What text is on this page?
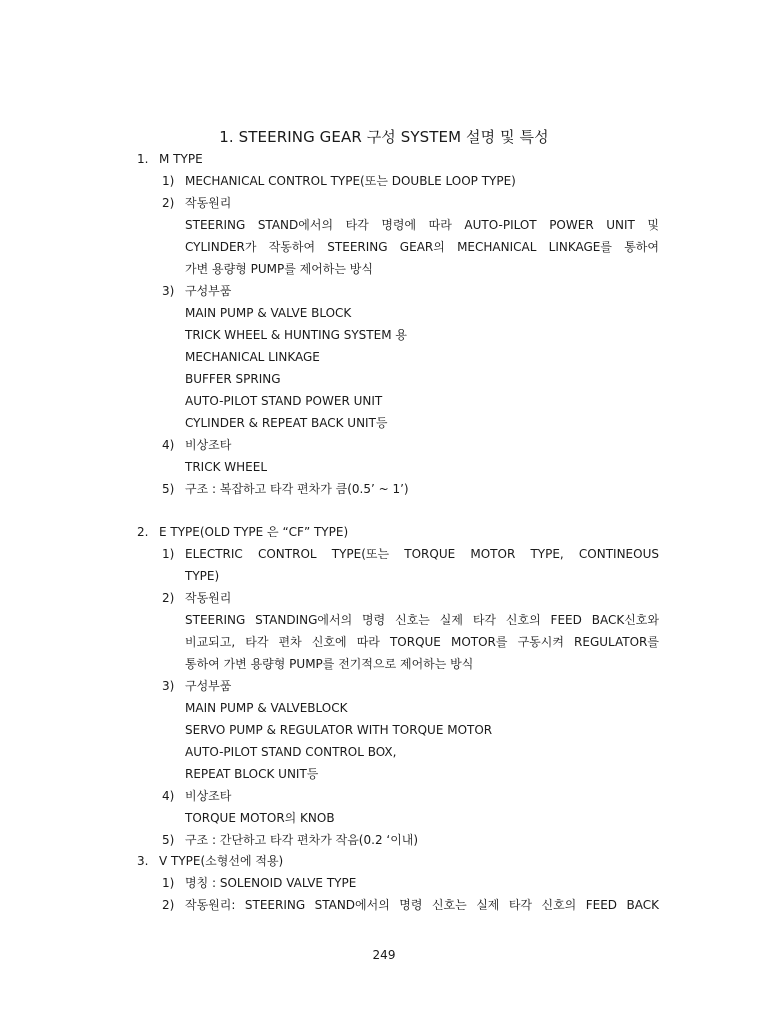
1. STEERING GEAR 구성 SYSTEM 설명 및 특성
1. M TYPE
1) MECHANICAL CONTROL TYPE(또는 DOUBLE LOOP TYPE)
2) 작동원리
STEERING STAND에서의 타각 명령에 따라 AUTO-PILOT POWER UNIT 및
CYLINDER가 작동하여 STEERING GEAR의 MECHANICAL LINKAGE를 통하여
가변 용량형 PUMP를 제어하는 방식
3) 구성부품
MAIN PUMP & VALVE BLOCK
TRICK WHEEL & HUNTING SYSTEM 용
MECHANICAL LINKAGE
BUFFER SPRING
AUTO-PILOT STAND POWER UNIT
CYLINDER & REPEAT BACK UNIT등
4) 비상조타
TRICK WHEEL
5) 구조 : 복잡하고 타각 편차가 큼(0.5’ ~ 1’)
2. E TYPE(OLD TYPE 은 “CF” TYPE)
1) ELECTRIC CONTROL TYPE(또는 TORQUE MOTOR TYPE, CONTINEOUS
TYPE)
2) 작동원리
STEERING STANDING에서의 명령 신호는 실제 타각 신호의 FEED BACK신호와
비교되고, 타각 편차 신호에 따라 TORQUE MOTOR를 구동시켜 REGULATOR를
통하여 가변 용량형 PUMP를 전기적으로 제어하는 방식
3) 구성부품
MAIN PUMP & VALVEBLOCK
SERVO PUMP & REGULATOR WITH TORQUE MOTOR
AUTO-PILOT STAND CONTROL BOX,
REPEAT BLOCK UNIT등
4) 비상조타
TORQUE MOTOR의 KNOB
5) 구조 : 간단하고 타각 편차가 작음(0.2 ‘이내)
3. V TYPE(소형선에 적용)
1) 명칭 : SOLENOID VALVE TYPE
2) 작동원리: STEERING STAND에서의 명령 신호는 실제 타각 신호의 FEED BACK
249
